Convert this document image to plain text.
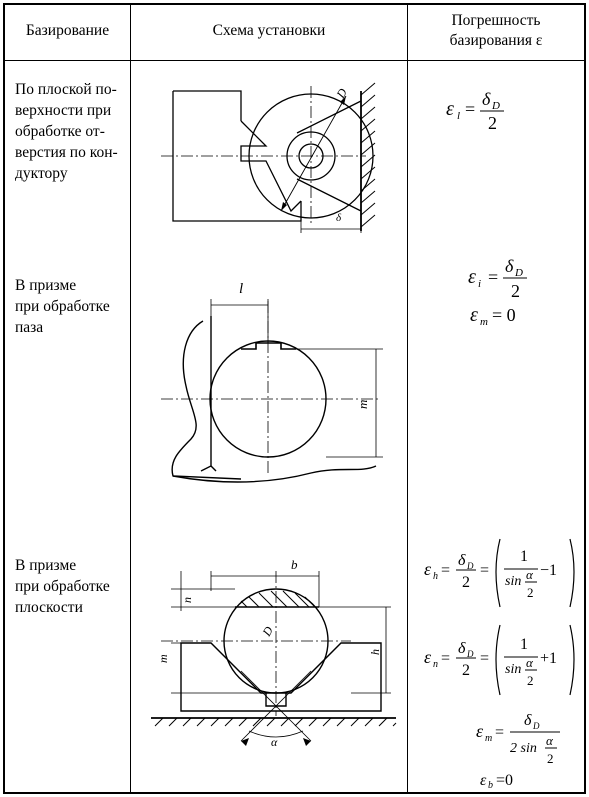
Базирование	Схема установки
Погрешность
базирования ε
По плоской по-
верхности при
обработке от-
верстия по кон-
дуктору
В призме
при обработке
паза
В призме
при обработке
плоскости
δ
D
l
m
α
b
n
m
D
h
ε l = δ D
2
ε i =
δ D
2
ε m = 0
ε h =
δ D
2
=
1
sin α
2
−1
ε n =
δ D
2
=
1
sin α
2
+1
ε m =
δ D
2 sin
α
2
ε b =0
